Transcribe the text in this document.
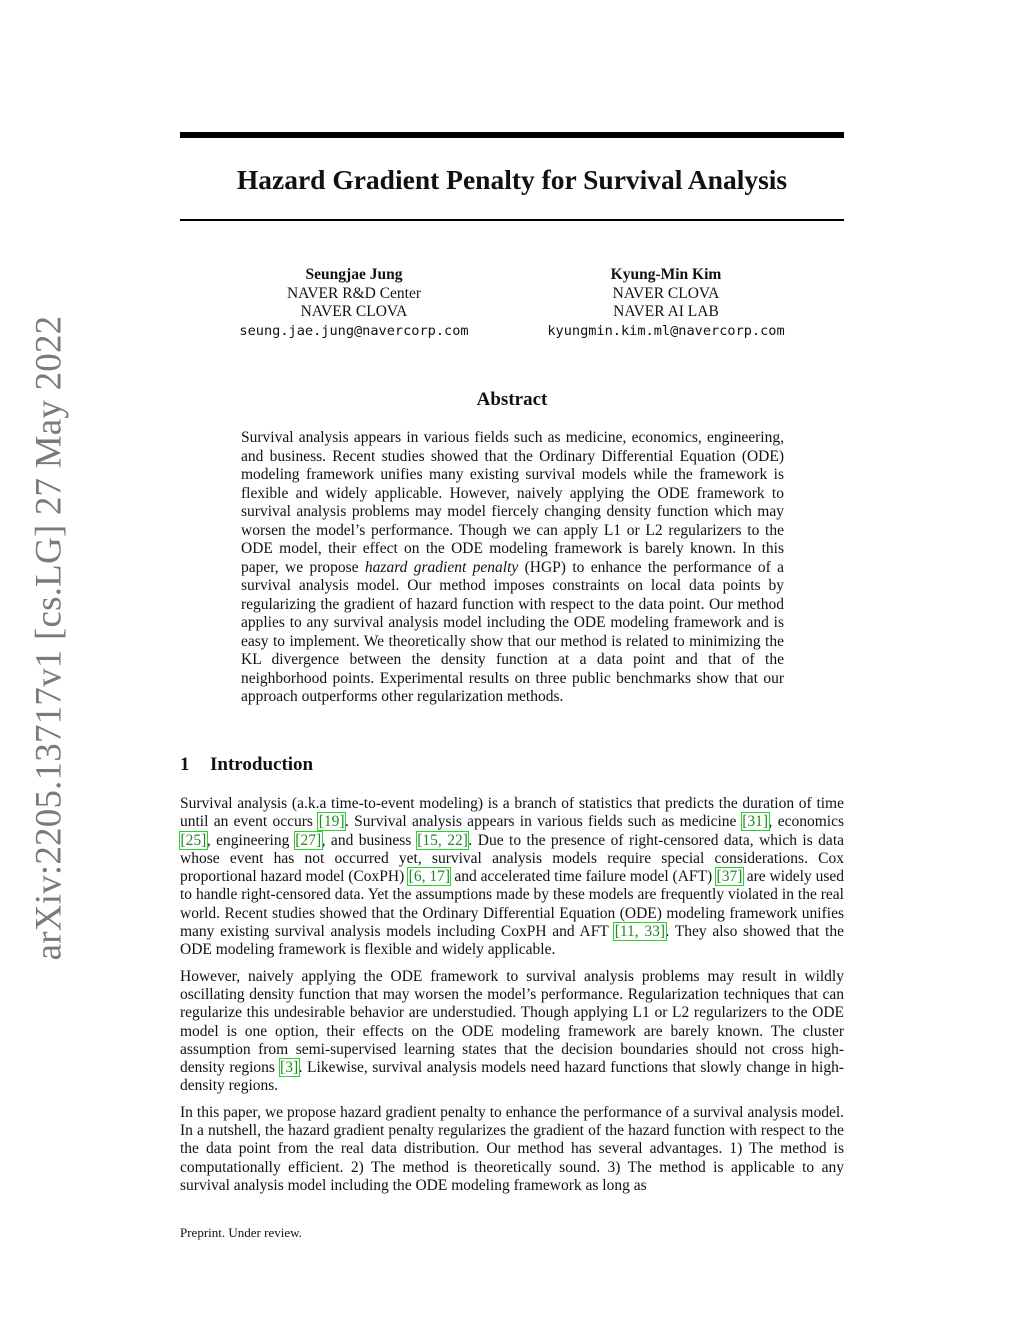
arXiv:2205.13717v1 [cs.LG] 27 May 2022
Hazard Gradient Penalty for Survival Analysis
Seungjae Jung
NAVER R&D Center
NAVER CLOVA
seung.jae.jung@navercorp.com
Kyung-Min Kim
NAVER CLOVA
NAVER AI LAB
kyungmin.kim.ml@navercorp.com
Abstract
Survival analysis appears in various fields such as medicine, economics, engineering, and business. Recent studies showed that the Ordinary Differential Equation (ODE) modeling framework unifies many existing survival models while the framework is flexible and widely applicable. However, naively applying the ODE framework to survival analysis problems may model fiercely changing density function which may worsen the model’s performance. Though we can apply L1 or L2 regularizers to the ODE model, their effect on the ODE modeling framework is barely known. In this paper, we propose hazard gradient penalty (HGP) to enhance the performance of a survival analysis model. Our method imposes constraints on local data points by regularizing the gradient of hazard function with respect to the data point. Our method applies to any survival analysis model including the ODE modeling framework and is easy to implement. We theoretically show that our method is related to minimizing the KL divergence between the density function at a data point and that of the neighborhood points. Experimental results on three public benchmarks show that our approach outperforms other regularization methods.
1 Introduction

Survival analysis (a.k.a time-to-event modeling) is a branch of statistics that predicts the duration of time until an event occurs [19]. Survival analysis appears in various fields such as medicine [31], economics [25], engineering [27], and business [15, 22]. Due to the presence of right-censored data, which is data whose event has not occurred yet, survival analysis models require special considerations. Cox proportional hazard model (CoxPH) [6, 17] and accelerated time failure model (AFT) [37] are widely used to handle right-censored data. Yet the assumptions made by these models are frequently violated in the real world. Recent studies showed that the Ordinary Differential Equation (ODE) modeling framework unifies many existing survival analysis models including CoxPH and AFT [11, 33]. They also showed that the ODE modeling framework is flexible and widely applicable.

However, naively applying the ODE framework to survival analysis problems may result in wildly oscillating density function that may worsen the model’s performance. Regularization techniques that can regularize this undesirable behavior are understudied. Though applying L1 or L2 regularizers to the ODE model is one option, their effects on the ODE modeling framework are barely known. The cluster assumption from semi-supervised learning states that the decision boundaries should not cross high-density regions [3]. Likewise, survival analysis models need hazard functions that slowly change in high-density regions.

In this paper, we propose hazard gradient penalty to enhance the performance of a survival analysis model. In a nutshell, the hazard gradient penalty regularizes the gradient of the hazard function with respect to the the data point from the real data distribution. Our method has several advantages. 1) The method is computationally efficient. 2) The method is theoretically sound. 3) The method is applicable to any survival analysis model including the ODE modeling framework as long as

Preprint. Under review.
